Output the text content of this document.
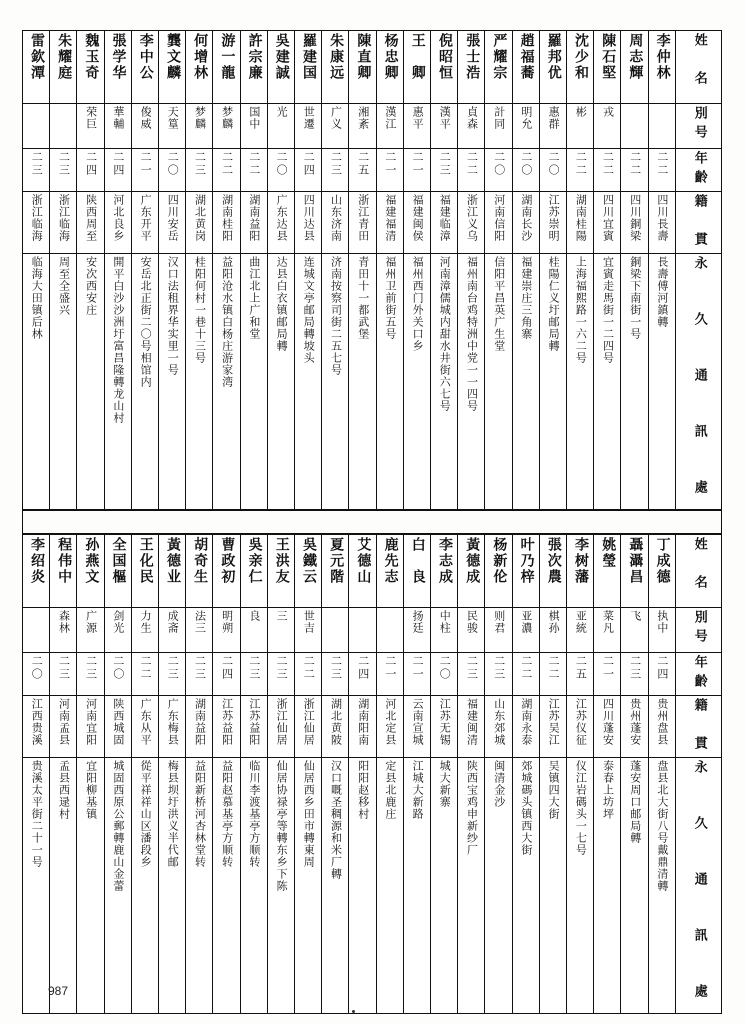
雷欽潭	朱耀庭	魏玉奇	張学华	李中公	龔文麟	何增林	游一龍	許宗廉	吳建誠	羅建国	朱康远	陳直卿	杨忠卿	王　卿	倪昭恒	張士浩	严耀宗	趙福蕎	羅邦优	沈少和	陳石堅	周志輝	李仲林	姓　名

		荣巨	華輔	俊威	天篁	梦麟	梦麟	国中	光	世遷	广义	湘紊	漢江	惠平	漢平	貞森	計同	明允	惠群	彬	戎			別号

二三	二三	二四	二四	二一	二〇	二三	二二	二二	二〇	二四	二三	二五	二一	二一	二三	二二	二〇	二〇	二〇	二二	二二	二二	二二	年齡

浙江临海	浙江临海	陕西周至	河北良乡	广东开平	四川安岳	湖北黄岗	湖南桂阳	湖南益阳	广东达县	四川达县	山东济南	浙江青田	福建福清	福建闽侯	福建临漳	浙江义乌	河南信阳	湖南长沙	江苏崇明	湖南桂陽	四川宜賓	四川銅梁	四川長壽	籍　貫

临海大田镇后林	周至全盛兴	安次西安庄	開平白沙沙洲圩富昌隆轉龙山村	安岳北正街二〇号相馆内	汉口法租界华实里一号	桂阳何村一巷十三号	益阳沧水镇白杨庄游家湾	曲江北上广和堂	达县白衣镇邮局轉	连城文亭邮局轉坡头	济南按察司街二五七号	青田十一都武堡	福州卫前街五号	福州西门外关口乡	河南漳儒城内甜水井街六七号	福州南台鸡特洲中党一一四号	信阳平昌英广生堂	福建崇庄三角寨	桂陽仁义圩邮局轉	上海福熙路一六二号	宜賓走馬街一二四号	銅梁下南街一号	長壽傅河鎮轉	永 久 通 訊 處
李绍炎	程伟中	孙燕文	全国樞	王化民	黃德业	胡奇生	曹政初	吳亲仁	王洪友	吳鐵云	夏元階	艾德山	鹿先志	白　良	李志成	黃德成	杨新伦	叶乃梓	張次農	李树藩	姚瑩	聶灄昌	丁成德	姓　名

	森林	广源	剑光	力生	成斋	法三	明朔	良	三	世吉				扬廷	中柱	民骏	则君	亚濃	棋孙	亚統	菜凡	飞	执中	別号

二〇	二三	二三	二〇	二二	二三	二三	二四	二三	二三	二二	二三	二四	二一	二一	二〇	二三	二三	二二	二二	二五	二一	二三	二四	年齡

江西贵溪	河南孟县	河南宜阳	陕西城固	广东从平	广东梅县	湖南益阳	江苏益阳	江苏益阳	浙江仙居	浙江仙居	湖北黄陂	湖南阳南	河北定县	云南宣城	江苏无锡	福建闽清	山东郊城	湖南永泰	江苏吴江	江苏仪征	四川蓬安	贵州蓬安	贵州盘县	籍　貫

贵溪太平街二十一号	孟县西逯村	宜阳柳基镇	城固西原公郵轉鹿山金蕾	從平祥祥山区潘段乡	梅县坝圩洪义半代邮	益阳新桥河杏林堂转	益阳赵慕基亭方顺转	临川李渡基亭方顺转	仙居协禄亭等轉东乡下陈	仙居西乡田市轉東周	汉口嘅圣稠源和米厂轉	阳阳赵移村	定县北鹿庄	江城大新路	城大新寨	陕西宝鸡申新纱厂	闽清金沙	郊城碼头镇西大街	吴镇四大街	仪江岩碼头一七号	泰春上坊坪	蓬安周口邮局轉	盘县北大街八号戴鼎清轉	永 久 通 訊 處
987
